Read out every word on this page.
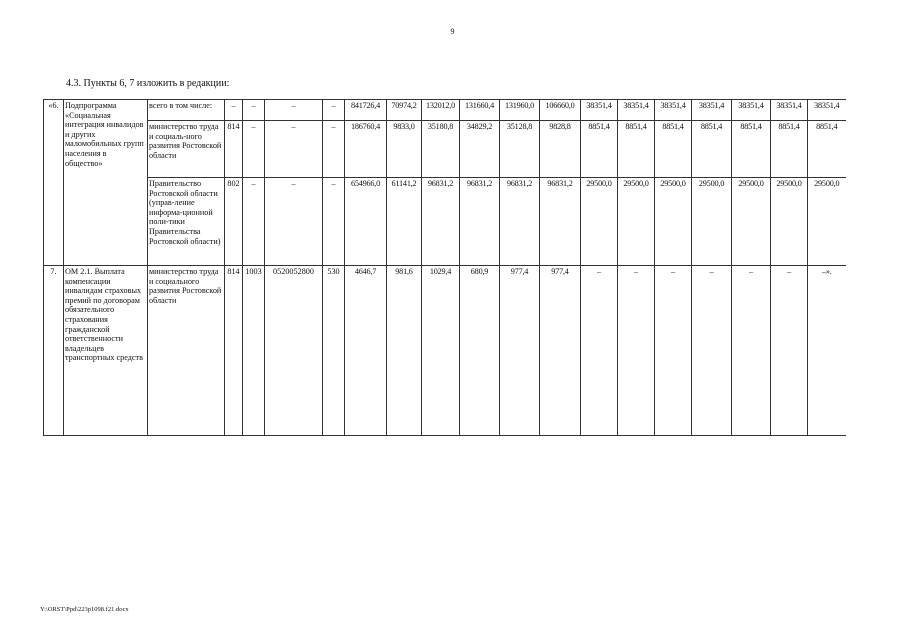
9
4.3. Пункты 6, 7 изложить в редакции:
«6.	Подпрограмма «Социальная интеграция инвалидов и других маломобильных групп населения в общество»	всего в том числе:	–	–	–	–	841726,4	70974,2	132012,0	131660,4	131960,0	106660,0	38351,4	38351,4	38351,4	38351,4	38351,4	38351,4	38351,4
		министерство труда и социаль-ного развития Ростовской области	814	–	–	–	186760,4	9833,0	35180,8	34829,2	35128,8	9828,8	8851,4	8851,4	8851,4	8851,4	8851,4	8851,4	8851,4
		Правительство Ростовской области (управ-ление информа-ционной поли-тики Правительства Ростовской области)	802	–	–	–	654966,0	61141,2	96831,2	96831,2	96831,2	96831,2	29500,0	29500,0	29500,0	29500,0	29500,0	29500,0	29500,0
7.	ОМ 2.1. Выплата компенсации инвалидам страховых премий по договорам обязательного страхования гражданской ответственности владельцев транспортных средств	министерство труда и социального развития Ростовской области	814	1003	0520052800	530	4646,7	981,6	1029,4	680,9	977,4	977,4	–	–	–	–	–	–	–».
Y:\ORST\Ppd\223p1098.f21.docx
